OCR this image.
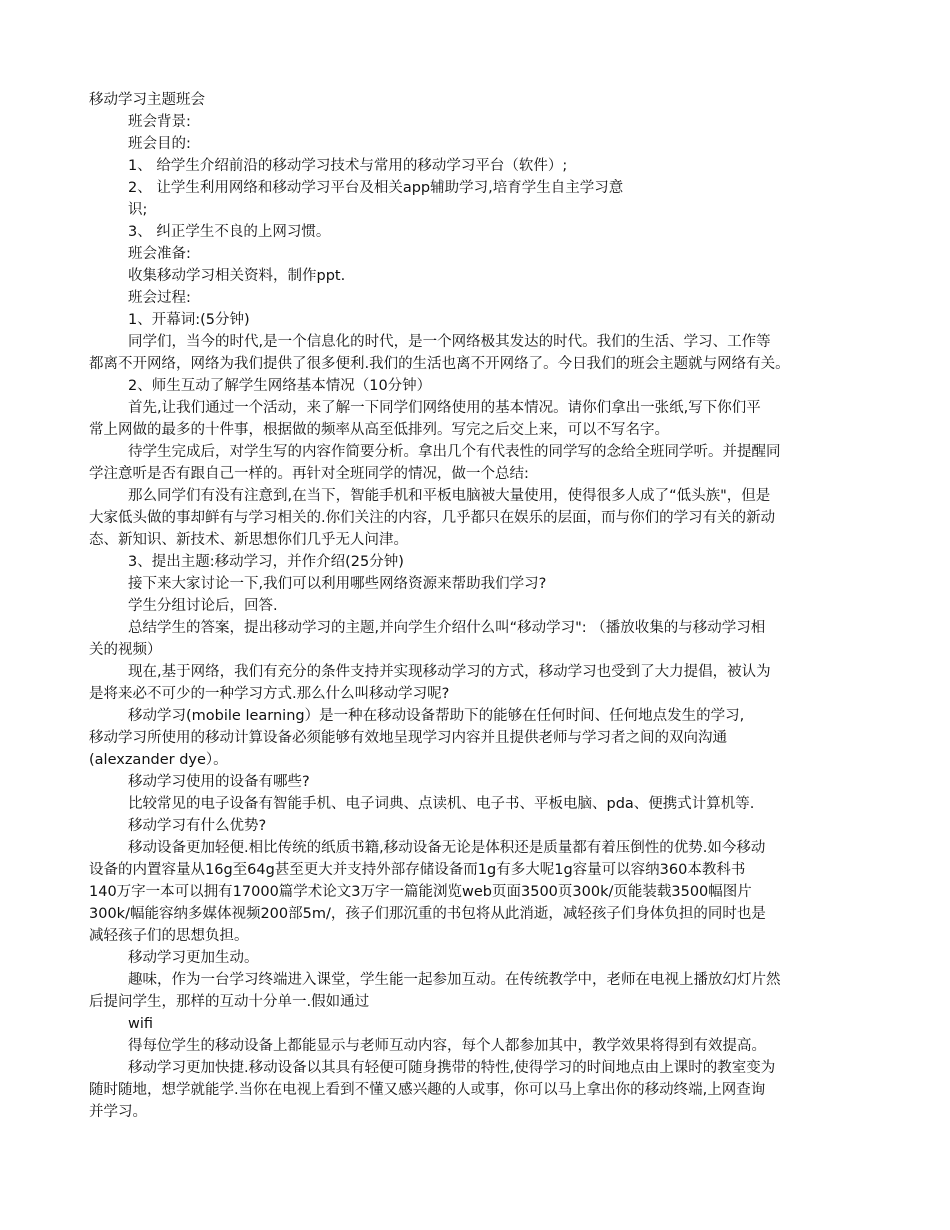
移动学习主题班会
班会背景:
班会目的:
1、 给学生介绍前沿的移动学习技术与常用的移动学习平台（软件）;
2、 让学生利用网络和移动学习平台及相关app辅助学习,培育学生自主学习意
识;
3、 纠正学生不良的上网习惯。
班会准备:
收集移动学习相关资料，制作ppt.
班会过程:
1、开幕词:(5分钟)
同学们，当今的时代,是一个信息化的时代，是一个网络极其发达的时代。我们的生活、学习、工作等
都离不开网络，网络为我们提供了很多便利.我们的生活也离不开网络了。今日我们的班会主题就与网络有关。
2、师生互动了解学生网络基本情况（10分钟）
首先,让我们通过一个活动，来了解一下同学们网络使用的基本情况。请你们拿出一张纸,写下你们平
常上网做的最多的十件事，根据做的频率从高至低排列。写完之后交上来，可以不写名字。
待学生完成后，对学生写的内容作简要分析。拿出几个有代表性的同学写的念给全班同学听。并提醒同
学注意听是否有跟自己一样的。再针对全班同学的情况，做一个总结:
那么同学们有没有注意到,在当下，智能手机和平板电脑被大量使用，使得很多人成了“低头族"，但是
大家低头做的事却鲜有与学习相关的.你们关注的内容，几乎都只在娱乐的层面，而与你们的学习有关的新动
态、新知识、新技术、新思想你们几乎无人问津。
3、提出主题:移动学习，并作介绍(25分钟)
接下来大家讨论一下,我们可以利用哪些网络资源来帮助我们学习?
学生分组讨论后，回答.
总结学生的答案，提出移动学习的主题,并向学生介绍什么叫“移动学习": （播放收集的与移动学习相
关的视频）
现在,基于网络，我们有充分的条件支持并实现移动学习的方式，移动学习也受到了大力提倡，被认为
是将来必不可少的一种学习方式.那么什么叫移动学习呢?
移动学习(mobile learning）是一种在移动设备帮助下的能够在任何时间、任何地点发生的学习,
移动学习所使用的移动计算设备必须能够有效地呈现学习内容并且提供老师与学习者之间的双向沟通
(alexzander dye）。
移动学习使用的设备有哪些?
比较常见的电子设备有智能手机、电子词典、点读机、电子书、平板电脑、pda、便携式计算机等.
移动学习有什么优势?
移动设备更加轻便.相比传统的纸质书籍,移动设备无论是体积还是质量都有着压倒性的优势.如今移动
设备的内置容量从16g至64g甚至更大并支持外部存储设备而1g有多大呢1g容量可以容纳360本教科书
140万字一本可以拥有17000篇学术论文3万字一篇能浏览web页面3500页300k/页能装载3500幅图片
300k/幅能容纳多媒体视频200部5m/，孩子们那沉重的书包将从此消逝，减轻孩子们身体负担的同时也是
减轻孩子们的思想负担。
移动学习更加生动。
趣味，作为一台学习终端进入课堂，学生能一起参加互动。在传统教学中，老师在电视上播放幻灯片然
后提问学生，那样的互动十分单一.假如通过
wifi
得每位学生的移动设备上都能显示与老师互动内容，每个人都参加其中，教学效果将得到有效提高。
移动学习更加快捷.移动设备以其具有轻便可随身携带的特性,使得学习的时间地点由上课时的教室变为
随时随地，想学就能学.当你在电视上看到不懂又感兴趣的人或事，你可以马上拿出你的移动终端,上网查询
并学习。
